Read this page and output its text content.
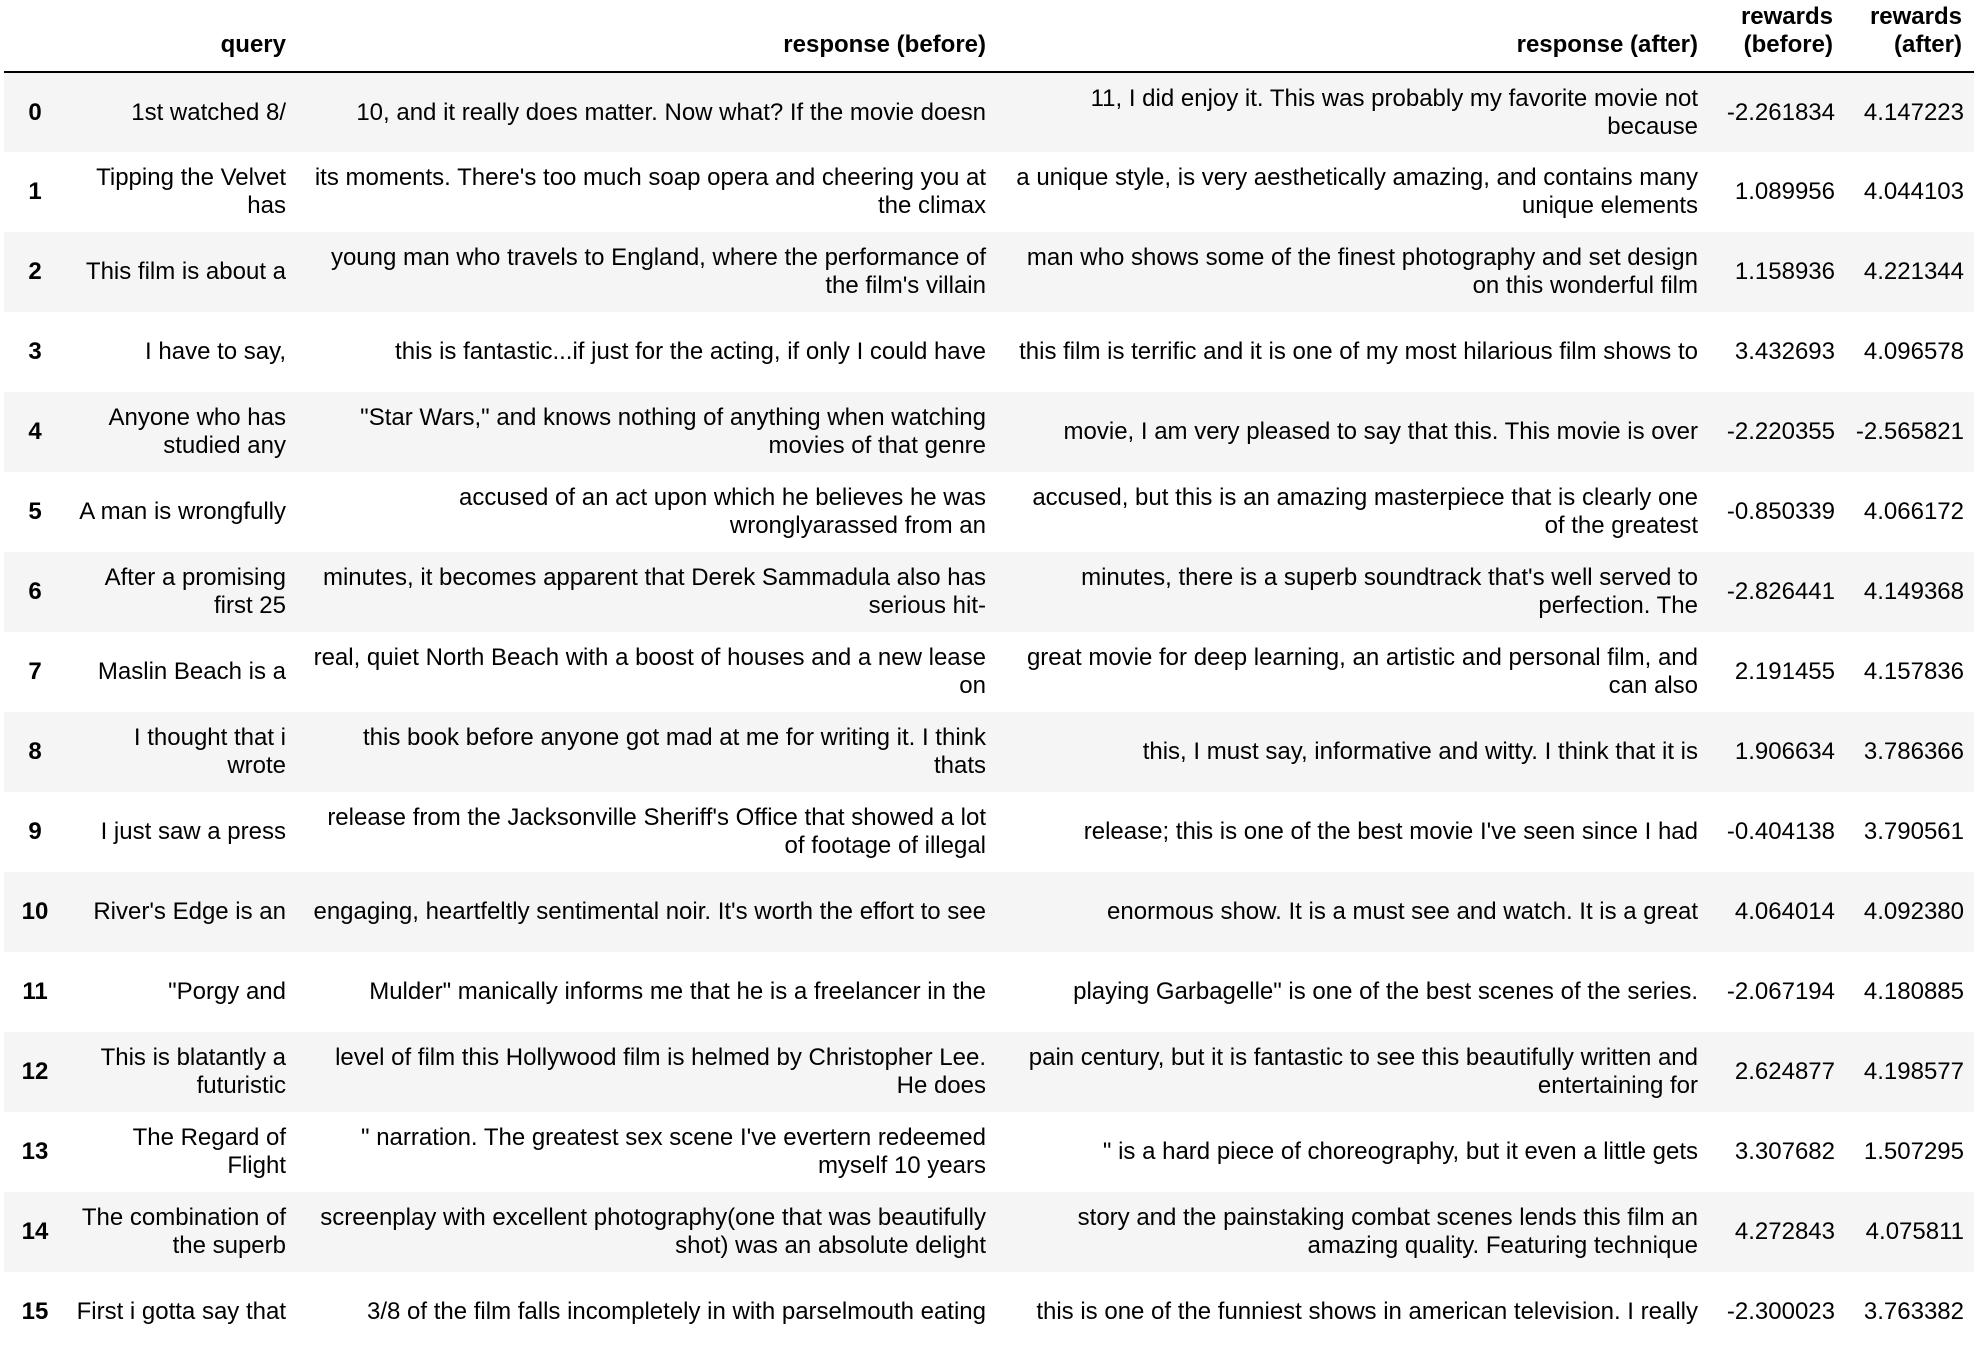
	query	response (before)	response (after)	rewards (before)	rewards (after)
0	1st watched 8/	10, and it really does matter. Now what? If the movie doesn	11, I did enjoy it. This was probably my favorite movie not because	-2.261834	4.147223
1	Tipping the Velvet has	its moments. There's too much soap opera and cheering you at the climax	a unique style, is very aesthetically amazing, and contains many unique elements	1.089956	4.044103
2	This film is about a	young man who travels to England, where the performance of the film's villain	man who shows some of the finest photography and set design on this wonderful film	1.158936	4.221344
3	I have to say,	this is fantastic...if just for the acting, if only I could have	this film is terrific and it is one of my most hilarious film shows to	3.432693	4.096578
4	Anyone who has studied any	"Star Wars," and knows nothing of anything when watching movies of that genre	movie, I am very pleased to say that this. This movie is over	-2.220355	-2.565821
5	A man is wrongfully	accused of an act upon which he believes he was wronglyarassed from an	accused, but this is an amazing masterpiece that is clearly one of the greatest	-0.850339	4.066172
6	After a promising first 25	minutes, it becomes apparent that Derek Sammadula also has serious hit-	minutes, there is a superb soundtrack that's well served to perfection. The	-2.826441	4.149368
7	Maslin Beach is a	real, quiet North Beach with a boost of houses and a new lease on	great movie for deep learning, an artistic and personal film, and can also	2.191455	4.157836
8	I thought that i wrote	this book before anyone got mad at me for writing it. I think thats	this, I must say, informative and witty. I think that it is	1.906634	3.786366
9	I just saw a press	release from the Jacksonville Sheriff's Office that showed a lot of footage of illegal	release; this is one of the best movie I've seen since I had	-0.404138	3.790561
10	River's Edge is an	engaging, heartfeltly sentimental noir. It's worth the effort to see	enormous show. It is a must see and watch. It is a great	4.064014	4.092380
11	"Porgy and	Mulder" manically informs me that he is a freelancer in the	playing Garbagelle" is one of the best scenes of the series.	-2.067194	4.180885
12	This is blatantly a futuristic	level of film this Hollywood film is helmed by Christopher Lee. He does	pain century, but it is fantastic to see this beautifully written and entertaining for	2.624877	4.198577
13	The Regard of Flight	" narration. The greatest sex scene I've evertern redeemed myself 10 years	" is a hard piece of choreography, but it even a little gets	3.307682	1.507295
14	The combination of the superb	screenplay with excellent photography(one that was beautifully shot) was an absolute delight	story and the painstaking combat scenes lends this film an amazing quality. Featuring technique	4.272843	4.075811
15	First i gotta say that	3/8 of the film falls incompletely in with parselmouth eating	this is one of the funniest shows in american television. I really	-2.300023	3.763382
